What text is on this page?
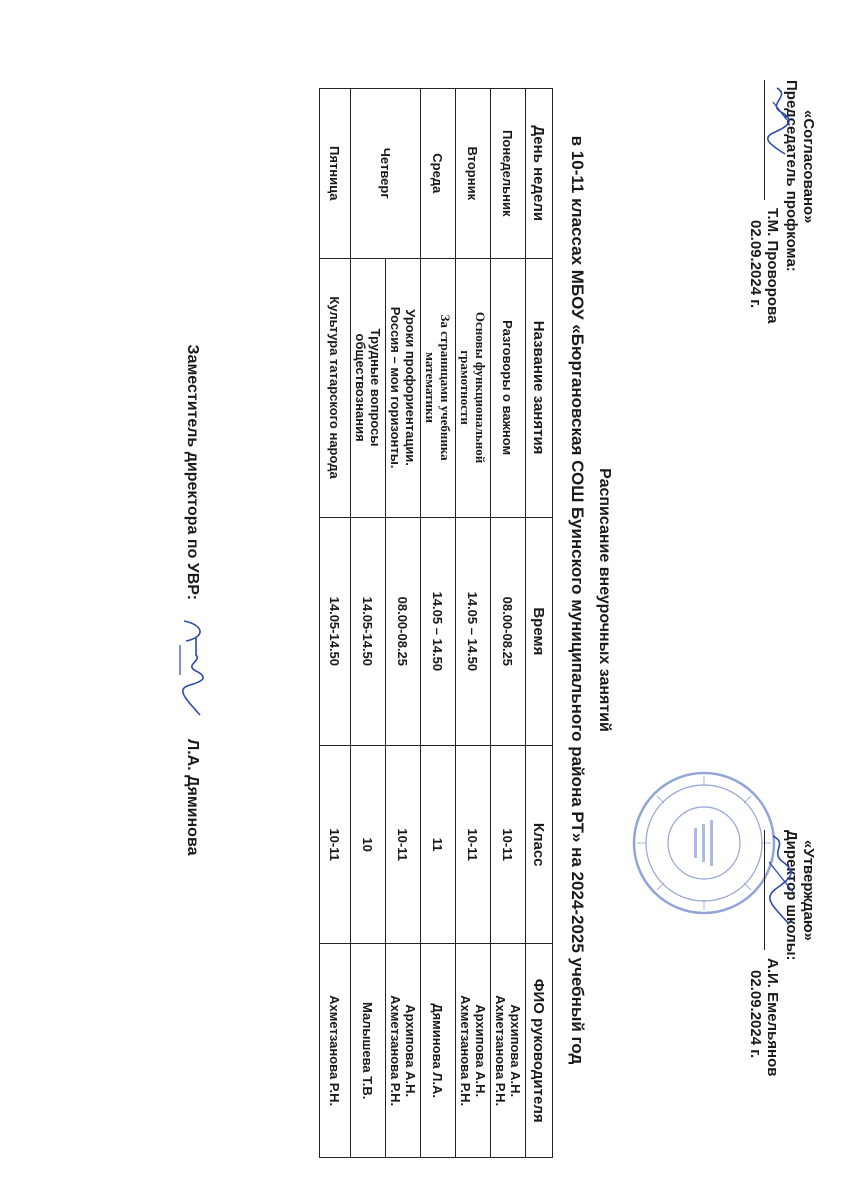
«Согласовано»
Председатель профкома:
Т.М. Проворова
02.09.2024 г.
«Утверждаю»
Директор школы:
А.И. Емельянов
02.09.2024 г.
Расписание внеурочных занятий
в 10-11 классах МБОУ «Бюргановская СОШ Буинского муниципального района РТ» на 2024-2025 учебный год
День недели	Название занятия	Время	Класс	ФИО руководителя
Понедельник	Разговоры о важном	08.00-08.25	10-11	Архипова А.Н.
Ахметзанова Р.Н.

Вторник	Основы функциональной
грамотности	14.05 – 14.50	10-11	Архипова А.Н.
Ахметзанова Р.Н.

Среда	За страницами учебника
математики	14.05 – 14.50	11	Дяминова Л.А.

Четверг	Уроки профориентации.
Россия – мои горизонты.	08.00-08.25	10-11	Архипова А.Н.
Ахметзанова Р.Н.

	Трудные вопросы
обществознания	14.05-14.50	10	Малышева Т.В.

Пятница	Культура татарского народа	14.05-14.50	10-11	Ахметзанова Р.Н.
Заместитель директора по УВР:
Л.А. Дяминова
